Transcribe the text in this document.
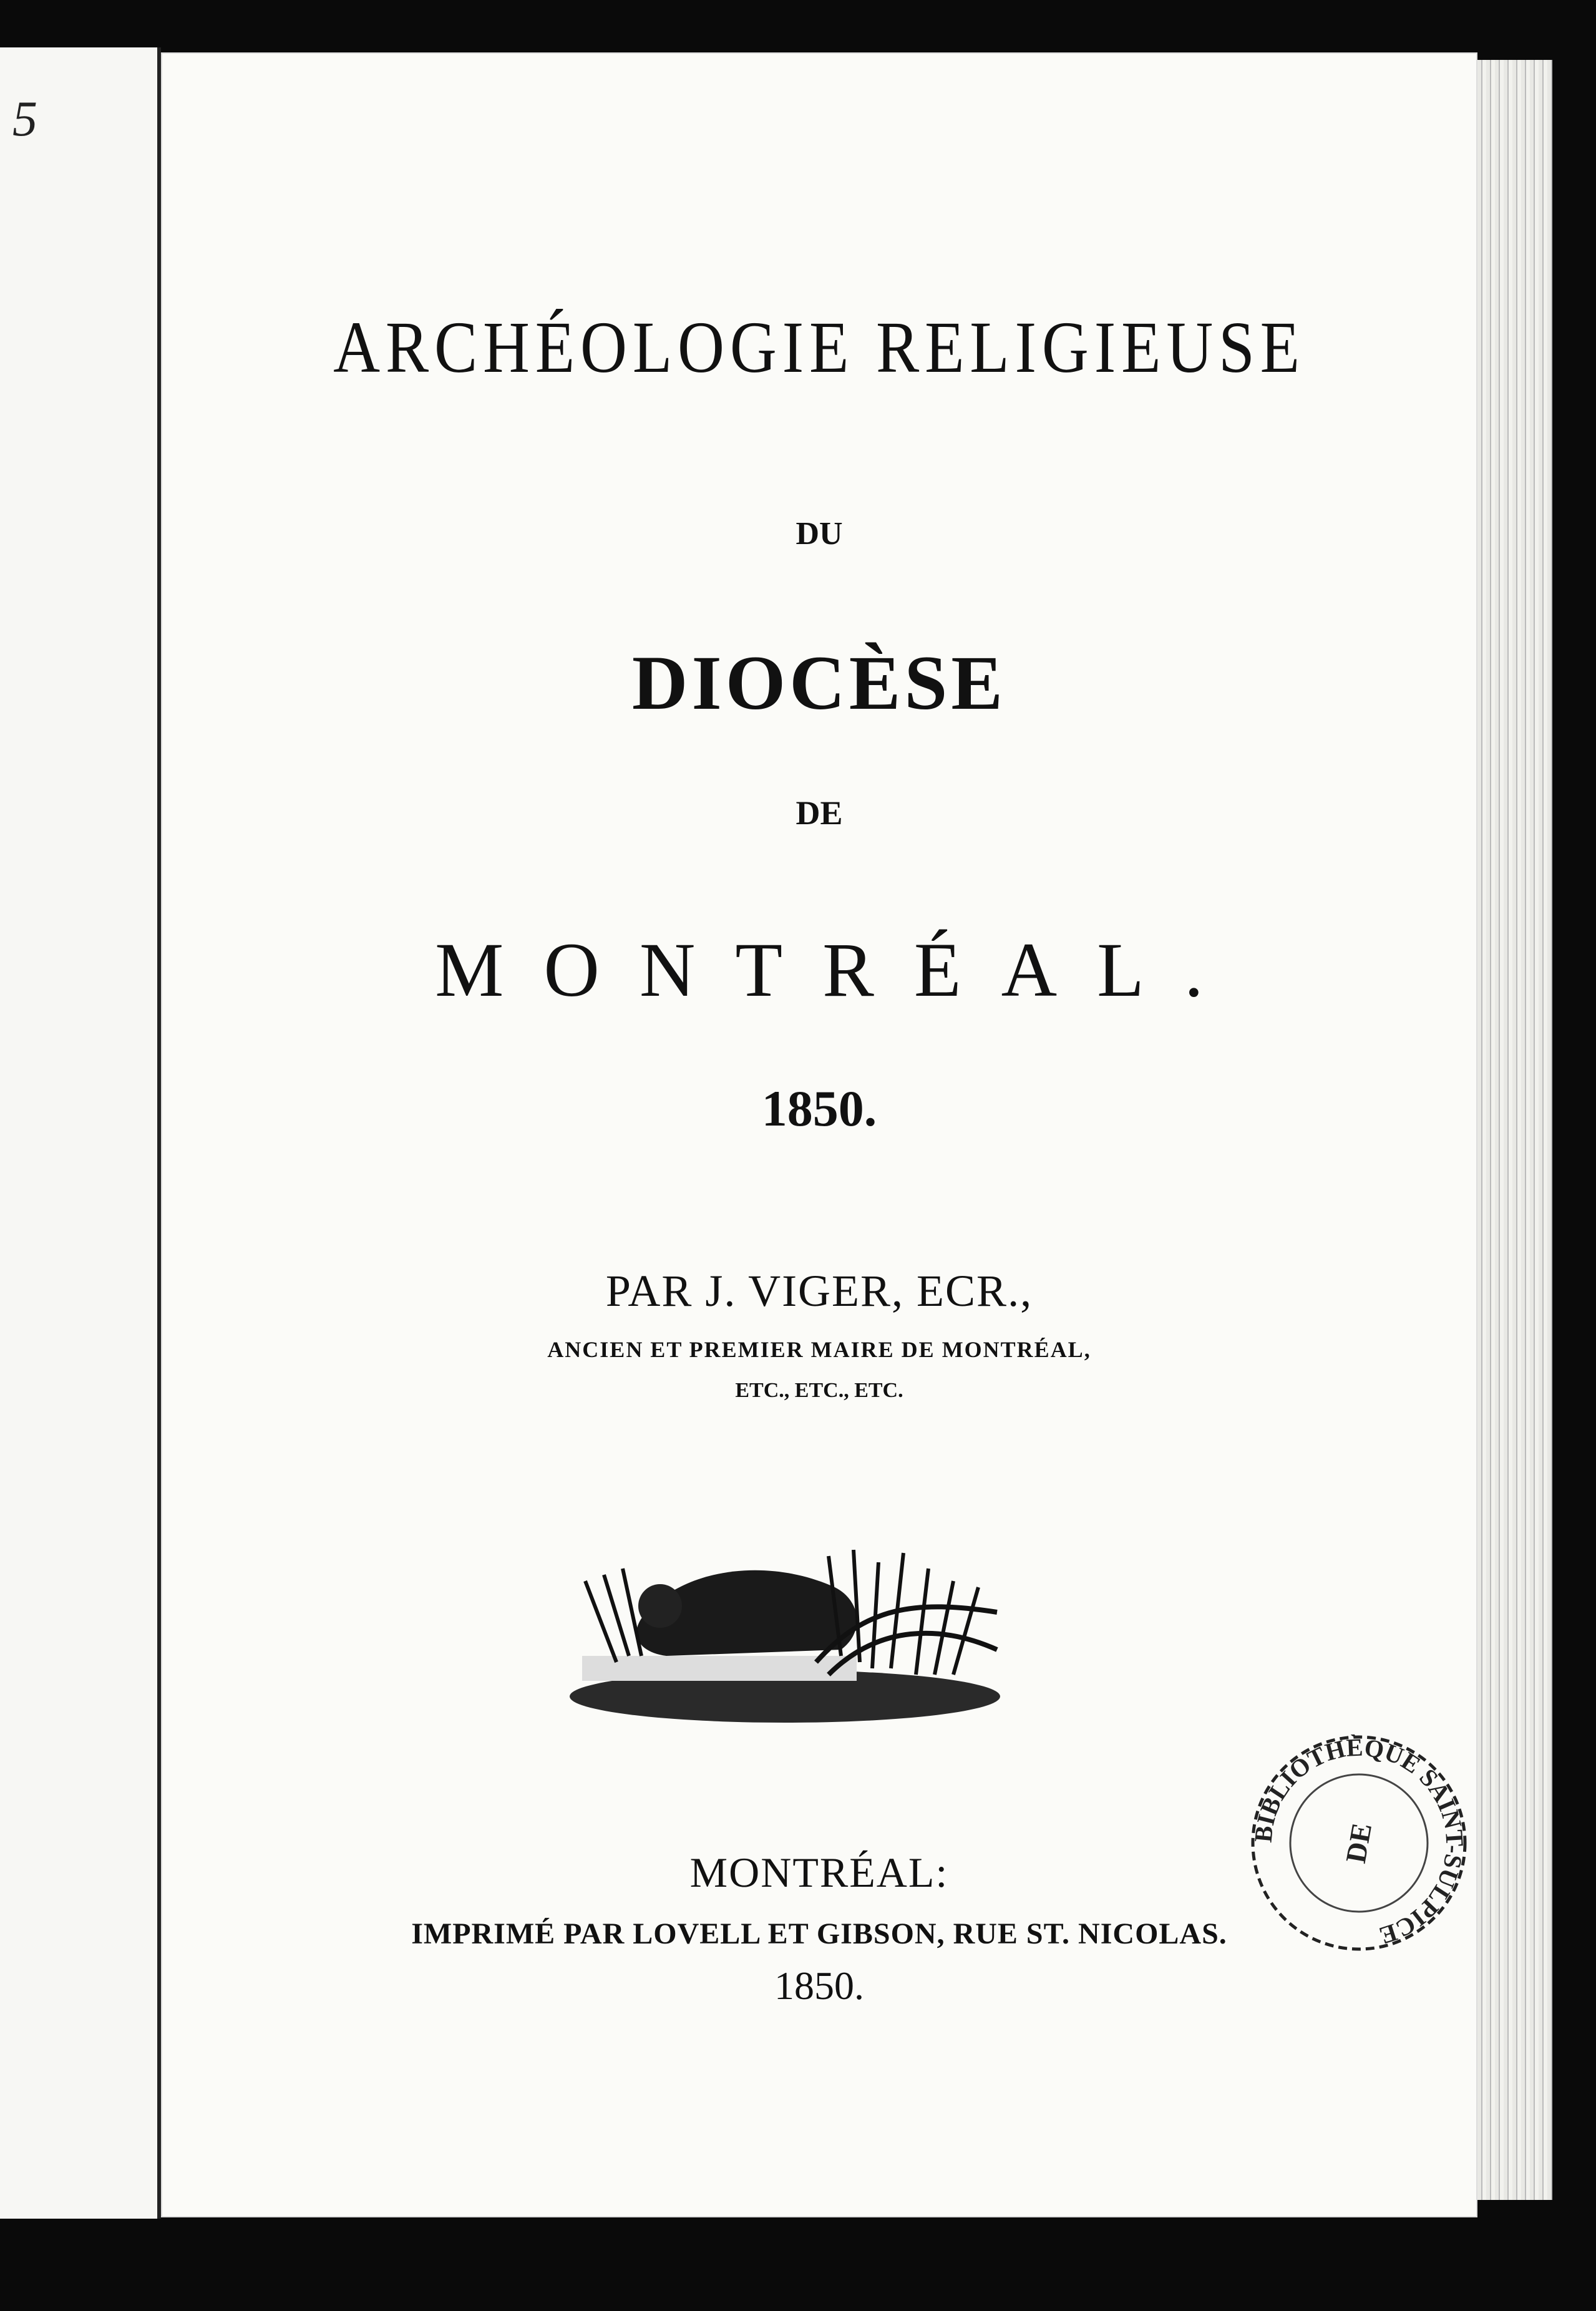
5

ARCHÉOLOGIE RELIGIEUSE

DU

DIOCÈSE

DE

MONTRÉAL.

1850.

PAR J. VIGER, ECR.,

ANCIEN ET PREMIER MAIRE DE MONTRÉAL,

ETC., ETC., ETC.

MONTRÉAL:

IMPRIMÉ PAR LOVELL ET GIBSON, RUE ST. NICOLAS.

1850.

BIBLIOTHÈQUE SAINT-SULPICE
DE
